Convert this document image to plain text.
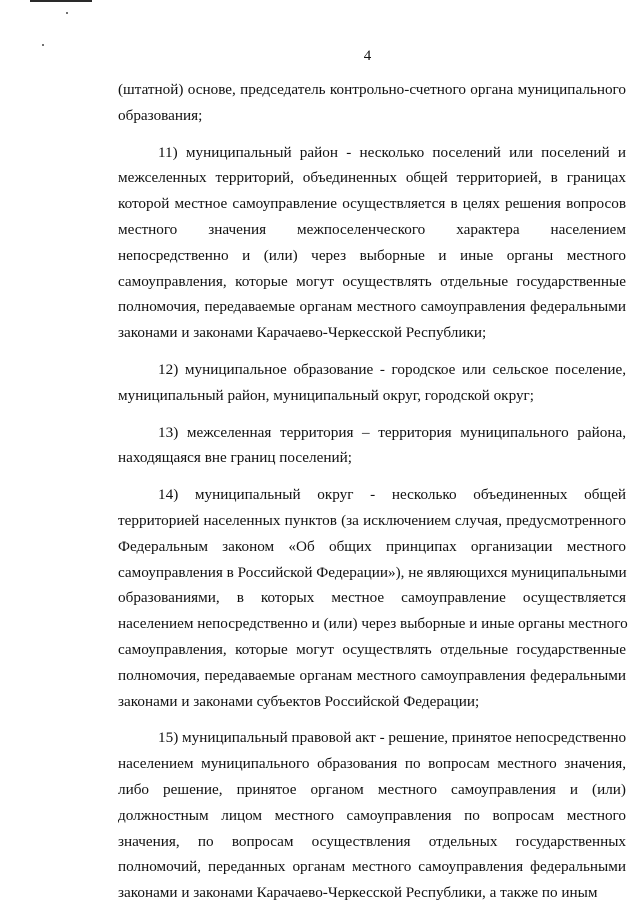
4
(штатной) основе, председатель контрольно-счетного органа муниципального
образования;
11) муниципальный район - несколько поселений или поселений и
межселенных территорий, объединенных общей территорией, в границах
которой местное самоуправление осуществляется в целях решения вопросов
местного значения межпоселенческого характера населением
непосредственно и (или) через выборные и иные органы местного
самоуправления, которые могут осуществлять отдельные государственные
полномочия, передаваемые органам местного самоуправления федеральными
законами и законами Карачаево-Черкесской Республики;
12) муниципальное образование - городское или сельское поселение,
муниципальный район, муниципальный округ, городской округ;
13) межселенная территория – территория муниципального района,
находящаяся вне границ поселений;
14) муниципальный округ - несколько объединенных общей
территорией населенных пунктов (за исключением случая, предусмотренного
Федеральным законом «Об общих принципах организации местного
самоуправления в Российской Федерации»), не являющихся муниципальными
образованиями, в которых местное самоуправление осуществляется
населением непосредственно и (или) через выборные и иные органы местного
самоуправления, которые могут осуществлять отдельные государственные
полномочия, передаваемые органам местного самоуправления федеральными
законами и законами субъектов Российской Федерации;
15) муниципальный правовой акт - решение, принятое непосредственно
населением муниципального образования по вопросам местного значения,
либо решение, принятое органом местного самоуправления и (или)
должностным лицом местного самоуправления по вопросам местного
значения, по вопросам осуществления отдельных государственных
полномочий, переданных органам местного самоуправления федеральными
законами и законами Карачаево-Черкесской Республики, а также по иным
